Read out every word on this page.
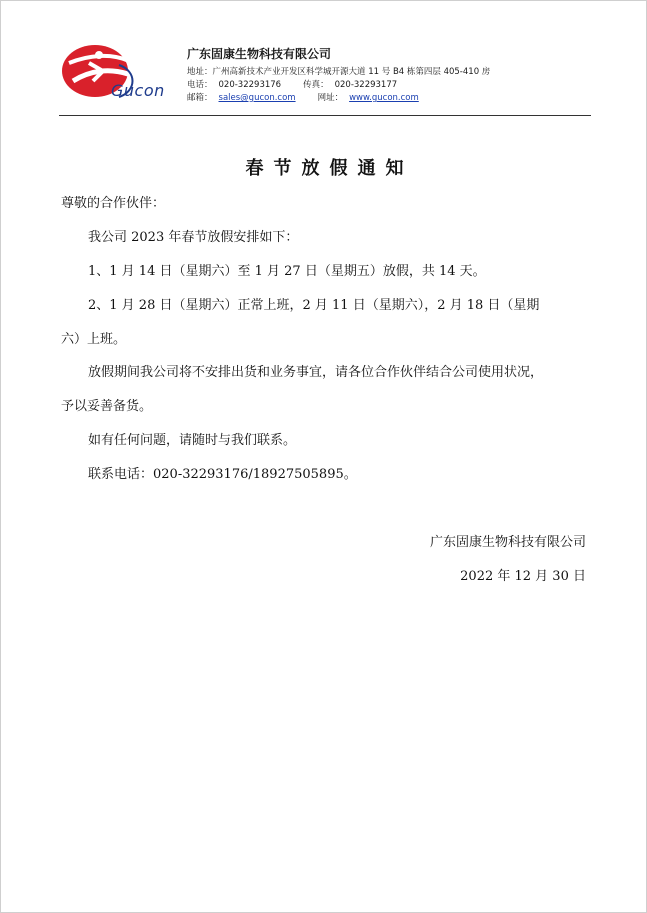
Gucon
广东固康生物科技有限公司
地址：广州高新技术产业开发区科学城开源大道 11 号 B4 栋第四层 405-410 房
电话： 020-32293176	传真： 020-32293177
邮箱： sales@gucon.com	网址： www.gucon.com
春节放假通知
尊敬的合作伙伴：
我公司 2023 年春节放假安排如下：
1、1 月 14 日（星期六）至 1 月 27 日（星期五）放假，共 14 天。
2、1 月 28 日（星期六）正常上班，2 月 11 日（星期六），2 月 18 日（星期
六）上班。
放假期间我公司将不安排出货和业务事宜，请各位合作伙伴结合公司使用状况，
予以妥善备货。
如有任何问题，请随时与我们联系。
联系电话：020-32293176/18927505895。
广东固康生物科技有限公司
2022 年 12 月 30 日
